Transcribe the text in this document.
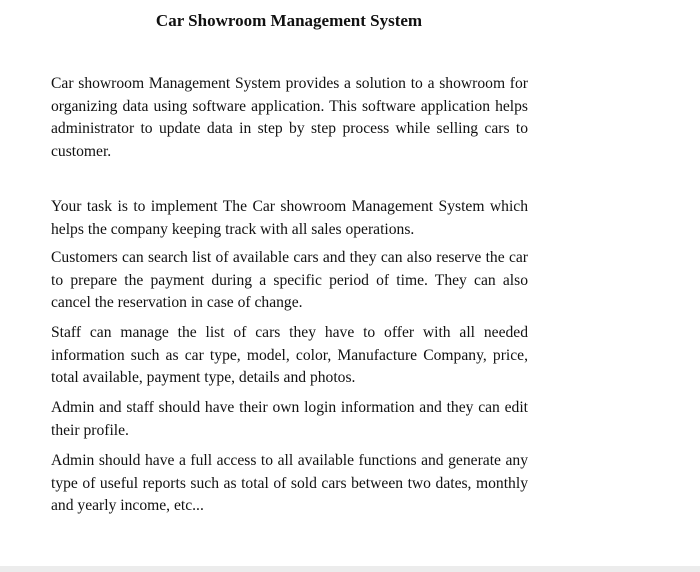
Car Showroom Management System

Car showroom Management System provides a solution to a showroom for organizing data using software application. This software application helps administrator to update data in step by step process while selling cars to customer.

Your task is to implement The Car showroom Management System which helps the company keeping track with all sales operations.

Customers can search list of available cars and they can also reserve the car to prepare the payment during a specific period of time. They can also cancel the reservation in case of change.

Staff can manage the list of cars they have to offer with all needed information such as car type, model, color, Manufacture Company, price, total available, payment type, details and photos.

Admin and staff should have their own login information and they can edit their profile.

Admin should have a full access to all available functions and generate any type of useful reports such as total of sold cars between two dates, monthly and yearly income, etc...
